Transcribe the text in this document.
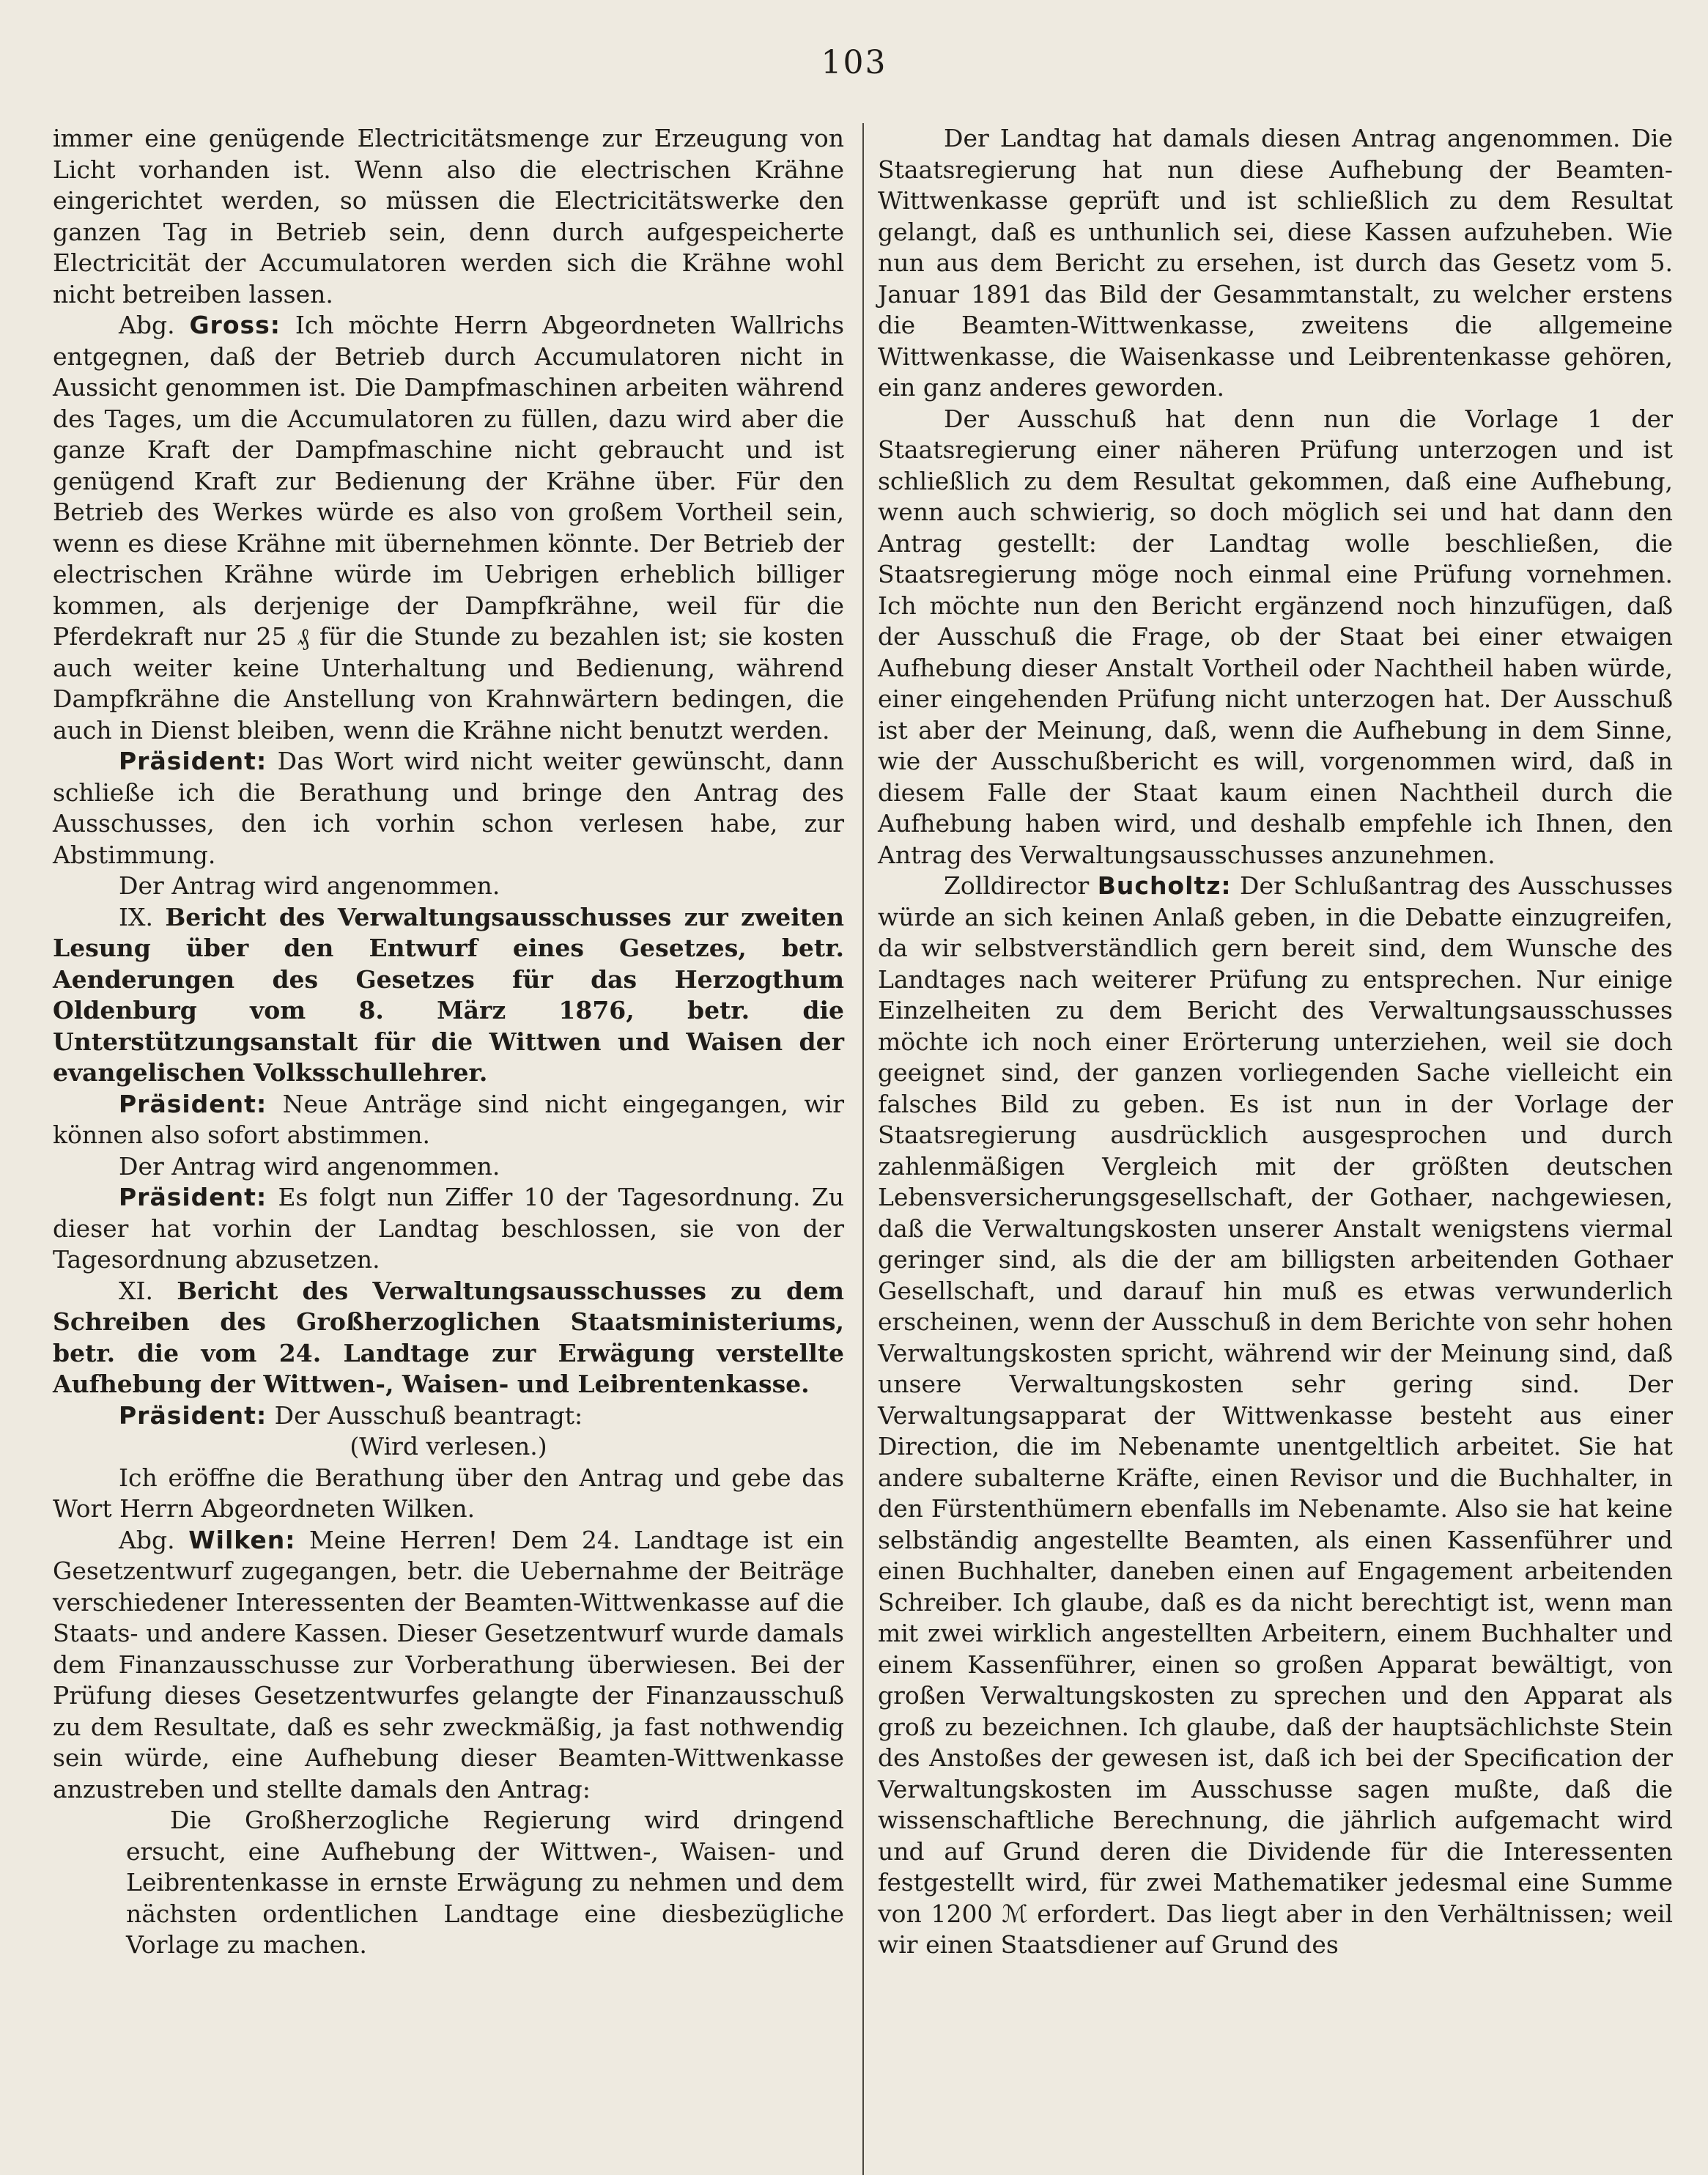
103

immer eine genügende Electricitätsmenge zur Erzeugung von Licht vorhanden ist. Wenn also die electrischen Krähne eingerichtet werden, so müssen die Electricitätswerke den ganzen Tag in Betrieb sein, denn durch aufgespeicherte Electricität der Accumulatoren werden sich die Krähne wohl nicht betreiben lassen.

Abg. Gross: Ich möchte Herrn Abgeordneten Wallrichs entgegnen, daß der Betrieb durch Accumulatoren nicht in Aussicht genommen ist. Die Dampfmaschinen arbeiten während des Tages, um die Accumulatoren zu füllen, dazu wird aber die ganze Kraft der Dampfmaschine nicht gebraucht und ist genügend Kraft zur Bedienung der Krähne über. Für den Betrieb des Werkes würde es also von großem Vortheil sein, wenn es diese Krähne mit übernehmen könnte. Der Betrieb der electrischen Krähne würde im Uebrigen erheblich billiger kommen, als derjenige der Dampfkrähne, weil für die Pferdekraft nur 25 ₰ für die Stunde zu bezahlen ist; sie kosten auch weiter keine Unterhaltung und Bedienung, während Dampfkrähne die Anstellung von Krahnwärtern bedingen, die auch in Dienst bleiben, wenn die Krähne nicht benutzt werden.

Präsident: Das Wort wird nicht weiter gewünscht, dann schließe ich die Berathung und bringe den Antrag des Ausschusses, den ich vorhin schon verlesen habe, zur Abstimmung.

Der Antrag wird angenommen.

IX. Bericht des Verwaltungsausschusses zur zweiten Lesung über den Entwurf eines Gesetzes, betr. Aenderungen des Gesetzes für das Herzogthum Oldenburg vom 8. März 1876, betr. die Unterstützungsanstalt für die Wittwen und Waisen der evangelischen Volksschullehrer.

Präsident: Neue Anträge sind nicht eingegangen, wir können also sofort abstimmen.

Der Antrag wird angenommen.

Präsident: Es folgt nun Ziffer 10 der Tagesordnung. Zu dieser hat vorhin der Landtag beschlossen, sie von der Tagesordnung abzusetzen.

XI. Bericht des Verwaltungsausschusses zu dem Schreiben des Großherzoglichen Staatsministeriums, betr. die vom 24. Landtage zur Erwägung verstellte Aufhebung der Wittwen-, Waisen- und Leibrentenkasse.

Präsident: Der Ausschuß beantragt:

(Wird verlesen.)

Ich eröffne die Berathung über den Antrag und gebe das Wort Herrn Abgeordneten Wilken.

Abg. Wilken: Meine Herren! Dem 24. Landtage ist ein Gesetzentwurf zugegangen, betr. die Uebernahme der Beiträge verschiedener Interessenten der Beamten-Wittwenkasse auf die Staats- und andere Kassen. Dieser Gesetzentwurf wurde damals dem Finanzausschusse zur Vorberathung überwiesen. Bei der Prüfung dieses Gesetzentwurfes gelangte der Finanzausschuß zu dem Resultate, daß es sehr zweckmäßig, ja fast nothwendig sein würde, eine Aufhebung dieser Beamten-Wittwenkasse anzustreben und stellte damals den Antrag:

Die Großherzogliche Regierung wird dringend ersucht, eine Aufhebung der Wittwen-, Waisen- und Leibrentenkasse in ernste Erwägung zu nehmen und dem nächsten ordentlichen Landtage eine diesbezügliche Vorlage zu machen.

Der Landtag hat damals diesen Antrag angenommen. Die Staatsregierung hat nun diese Aufhebung der Beamten-Wittwenkasse geprüft und ist schließlich zu dem Resultat gelangt, daß es unthunlich sei, diese Kassen aufzuheben. Wie nun aus dem Bericht zu ersehen, ist durch das Gesetz vom 5. Januar 1891 das Bild der Gesammtanstalt, zu welcher erstens die Beamten-Wittwenkasse, zweitens die allgemeine Wittwenkasse, die Waisenkasse und Leibrentenkasse gehören, ein ganz anderes geworden.

Der Ausschuß hat denn nun die Vorlage 1 der Staatsregierung einer näheren Prüfung unterzogen und ist schließlich zu dem Resultat gekommen, daß eine Aufhebung, wenn auch schwierig, so doch möglich sei und hat dann den Antrag gestellt: der Landtag wolle beschließen, die Staatsregierung möge noch einmal eine Prüfung vornehmen. Ich möchte nun den Bericht ergänzend noch hinzufügen, daß der Ausschuß die Frage, ob der Staat bei einer etwaigen Aufhebung dieser Anstalt Vortheil oder Nachtheil haben würde, einer eingehenden Prüfung nicht unterzogen hat. Der Ausschuß ist aber der Meinung, daß, wenn die Aufhebung in dem Sinne, wie der Ausschußbericht es will, vorgenommen wird, daß in diesem Falle der Staat kaum einen Nachtheil durch die Aufhebung haben wird, und deshalb empfehle ich Ihnen, den Antrag des Verwaltungsausschusses anzunehmen.

Zolldirector Bucholtz: Der Schlußantrag des Ausschusses würde an sich keinen Anlaß geben, in die Debatte einzugreifen, da wir selbstverständlich gern bereit sind, dem Wunsche des Landtages nach weiterer Prüfung zu entsprechen. Nur einige Einzelheiten zu dem Bericht des Verwaltungsausschusses möchte ich noch einer Erörterung unterziehen, weil sie doch geeignet sind, der ganzen vorliegenden Sache vielleicht ein falsches Bild zu geben. Es ist nun in der Vorlage der Staatsregierung ausdrücklich ausgesprochen und durch zahlenmäßigen Vergleich mit der größten deutschen Lebensversicherungsgesellschaft, der Gothaer, nachgewiesen, daß die Verwaltungskosten unserer Anstalt wenigstens viermal geringer sind, als die der am billigsten arbeitenden Gothaer Gesellschaft, und darauf hin muß es etwas verwunderlich erscheinen, wenn der Ausschuß in dem Berichte von sehr hohen Verwaltungskosten spricht, während wir der Meinung sind, daß unsere Verwaltungskosten sehr gering sind. Der Verwaltungsapparat der Wittwenkasse besteht aus einer Direction, die im Nebenamte unentgeltlich arbeitet. Sie hat andere subalterne Kräfte, einen Revisor und die Buchhalter, in den Fürstenthümern ebenfalls im Nebenamte. Also sie hat keine selbständig angestellte Beamten, als einen Kassenführer und einen Buchhalter, daneben einen auf Engagement arbeitenden Schreiber. Ich glaube, daß es da nicht berechtigt ist, wenn man mit zwei wirklich angestellten Arbeitern, einem Buchhalter und einem Kassenführer, einen so großen Apparat bewältigt, von großen Verwaltungskosten zu sprechen und den Apparat als groß zu bezeichnen. Ich glaube, daß der hauptsächlichste Stein des Anstoßes der gewesen ist, daß ich bei der Specification der Verwaltungskosten im Ausschusse sagen mußte, daß die wissenschaftliche Berechnung, die jährlich aufgemacht wird und auf Grund deren die Dividende für die Interessenten festgestellt wird, für zwei Mathematiker jedesmal eine Summe von 1200 ℳ erfordert. Das liegt aber in den Verhältnissen; weil wir einen Staatsdiener auf Grund des
